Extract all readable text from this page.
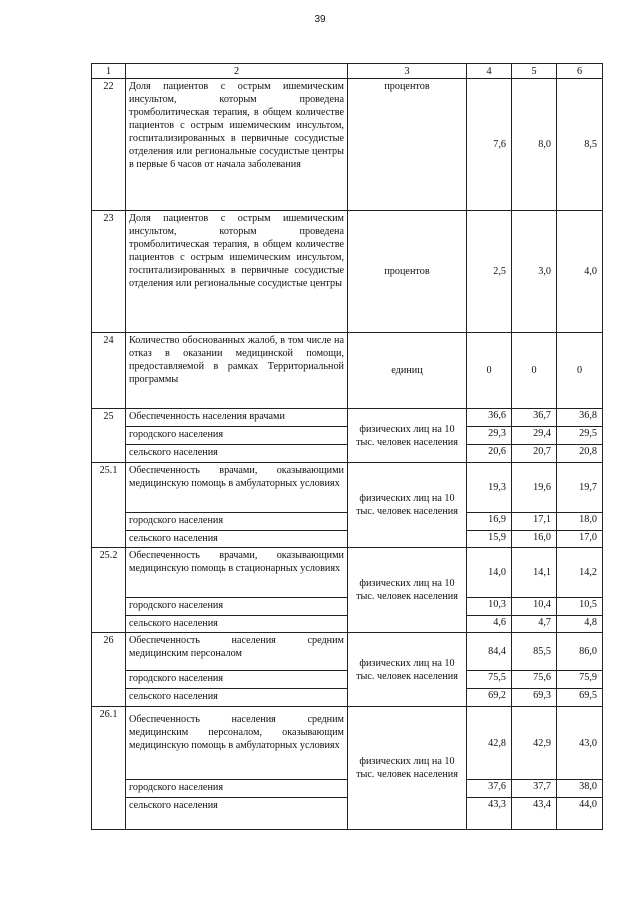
39
1	2	3	4	5	6
22	Доля пациентов с острым ишемическим инсультом, которым проведена тромболитическая терапия, в общем количестве пациентов с острым ишемическим инсультом, госпитализированных в первичные сосудистые отделения или региональные сосудистые центры в первые 6 часов от начала заболевания	процентов	7,6	8,0	8,5
23	Доля пациентов с острым ишемическим инсультом, которым проведена тромболитическая терапия, в общем количестве пациентов с острым ишемическим инсультом, госпитализированных в первичные сосудистые отделения или региональные сосудистые центры	процентов	2,5	3,0	4,0
24	Количество обоснованных жалоб, в том числе на отказ в оказании медицинской помощи, предоставляемой в рамках Территориальной программы	единиц	0	0	0
25	Обеспеченность населения врачами	физических лиц на 10 тыс. человек населения	36,6	36,7	36,8
	городского населения		29,3	29,4	29,5
	сельского населения		20,6	20,7	20,8
25.1	Обеспеченность врачами, оказывающими медицинскую помощь в амбулаторных условиях	физических лиц на 10 тыс. человек населения	19,3	19,6	19,7
	городского населения		16,9	17,1	18,0
	сельского населения		15,9	16,0	17,0
25.2	Обеспеченность врачами, оказывающими медицинскую помощь в стационарных условиях	физических лиц на 10 тыс. человек населения	14,0	14,1	14,2
	городского населения		10,3	10,4	10,5
	сельского населения		4,6	4,7	4,8
26	Обеспеченность населения средним медицинским персоналом	физических лиц на 10 тыс. человек населения	84,4	85,5	86,0
	городского населения		75,5	75,6	75,9
	сельского населения		69,2	69,3	69,5
26.1	Обеспеченность населения средним медицинским персоналом, оказывающим медицинскую помощь в амбулаторных условиях	физических лиц на 10 тыс. человек населения	42,8	42,9	43,0
	городского населения		37,6	37,7	38,0
	сельского населения		43,3	43,4	44,0
